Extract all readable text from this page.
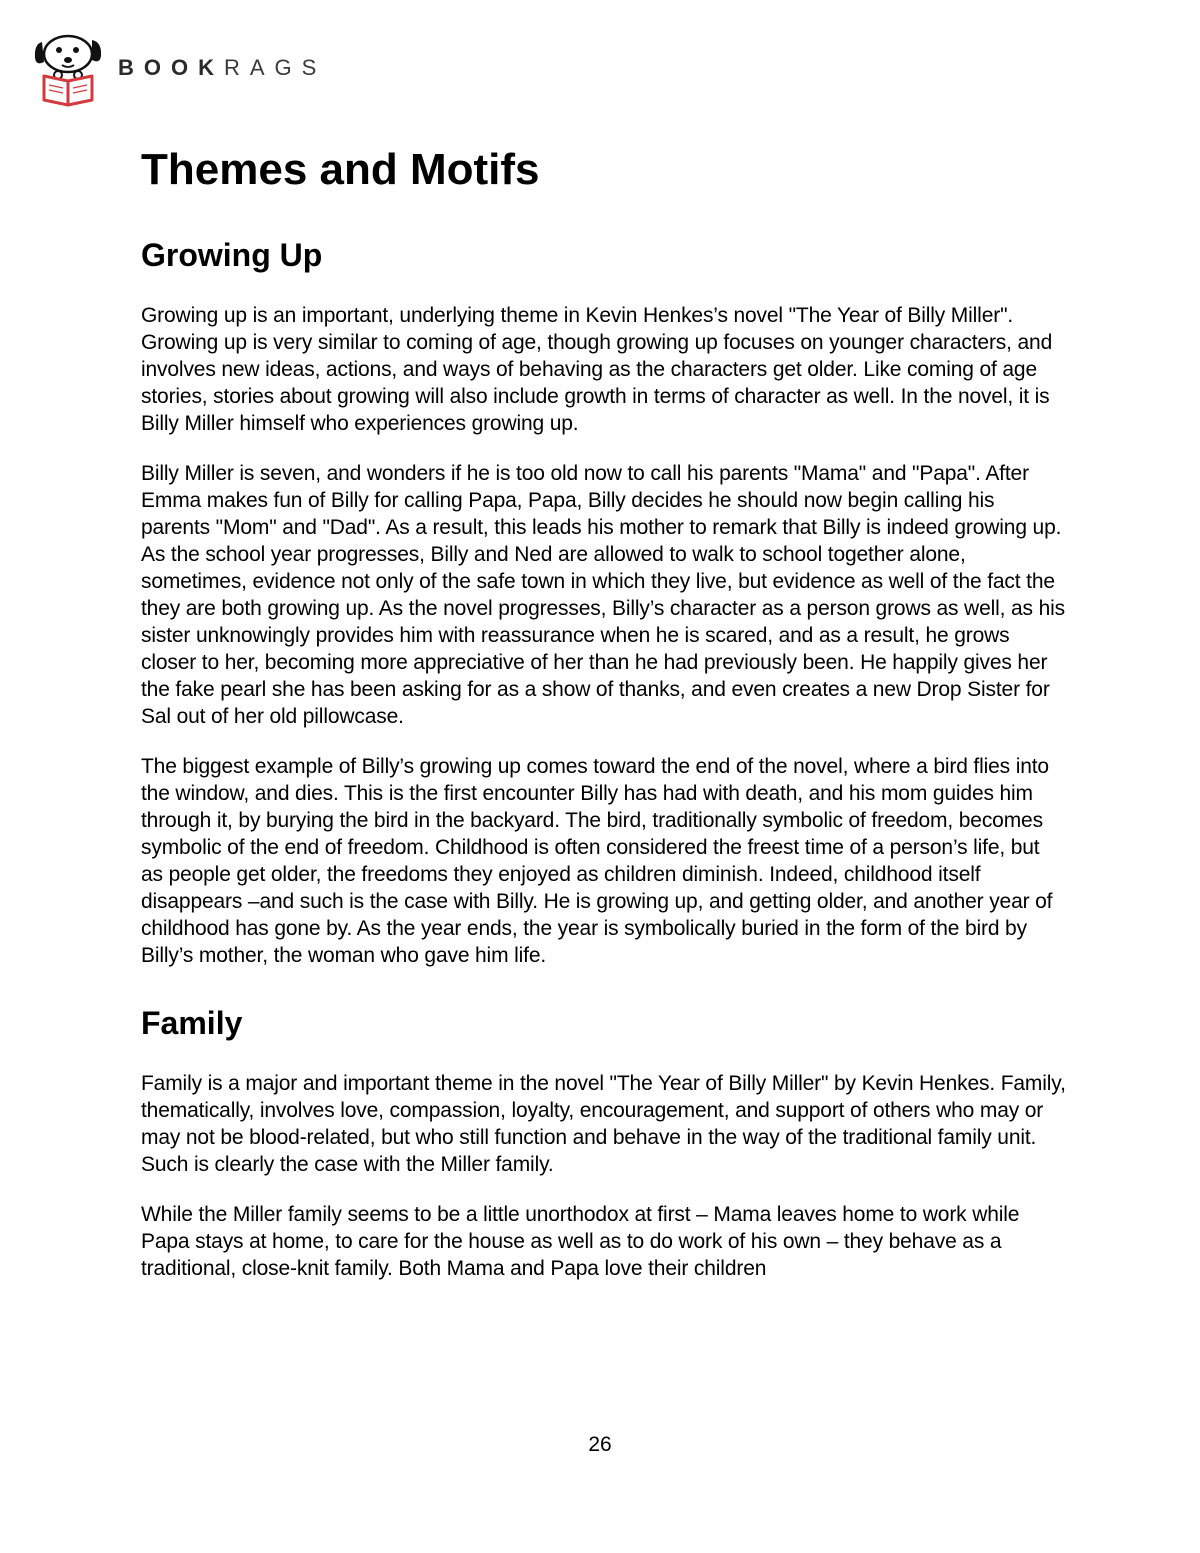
BOOKRAGS
Themes and Motifs
Growing Up

Growing up is an important, underlying theme in Kevin Henkes’s novel "The Year of Billy Miller". Growing up is very similar to coming of age, though growing up focuses on younger characters, and involves new ideas, actions, and ways of behaving as the characters get older. Like coming of age stories, stories about growing will also include growth in terms of character as well. In the novel, it is Billy Miller himself who experiences growing up.

Billy Miller is seven, and wonders if he is too old now to call his parents "Mama" and "Papa". After Emma makes fun of Billy for calling Papa, Papa, Billy decides he should now begin calling his parents "Mom" and "Dad". As a result, this leads his mother to remark that Billy is indeed growing up. As the school year progresses, Billy and Ned are allowed to walk to school together alone, sometimes, evidence not only of the safe town in which they live, but evidence as well of the fact the they are both growing up. As the novel progresses, Billy’s character as a person grows as well, as his sister unknowingly provides him with reassurance when he is scared, and as a result, he grows closer to her, becoming more appreciative of her than he had previously been. He happily gives her the fake pearl she has been asking for as a show of thanks, and even creates a new Drop Sister for Sal out of her old pillowcase.

The biggest example of Billy’s growing up comes toward the end of the novel, where a bird flies into the window, and dies. This is the first encounter Billy has had with death, and his mom guides him through it, by burying the bird in the backyard. The bird, traditionally symbolic of freedom, becomes symbolic of the end of freedom. Childhood is often considered the freest time of a person’s life, but as people get older, the freedoms they enjoyed as children diminish. Indeed, childhood itself disappears –and such is the case with Billy. He is growing up, and getting older, and another year of childhood has gone by. As the year ends, the year is symbolically buried in the form of the bird by Billy’s mother, the woman who gave him life.

Family

Family is a major and important theme in the novel "The Year of Billy Miller" by Kevin Henkes. Family, thematically, involves love, compassion, loyalty, encouragement, and support of others who may or may not be blood-related, but who still function and behave in the way of the traditional family unit. Such is clearly the case with the Miller family.

While the Miller family seems to be a little unorthodox at first – Mama leaves home to work while Papa stays at home, to care for the house as well as to do work of his own – they behave as a traditional, close-knit family. Both Mama and Papa love their children

26
